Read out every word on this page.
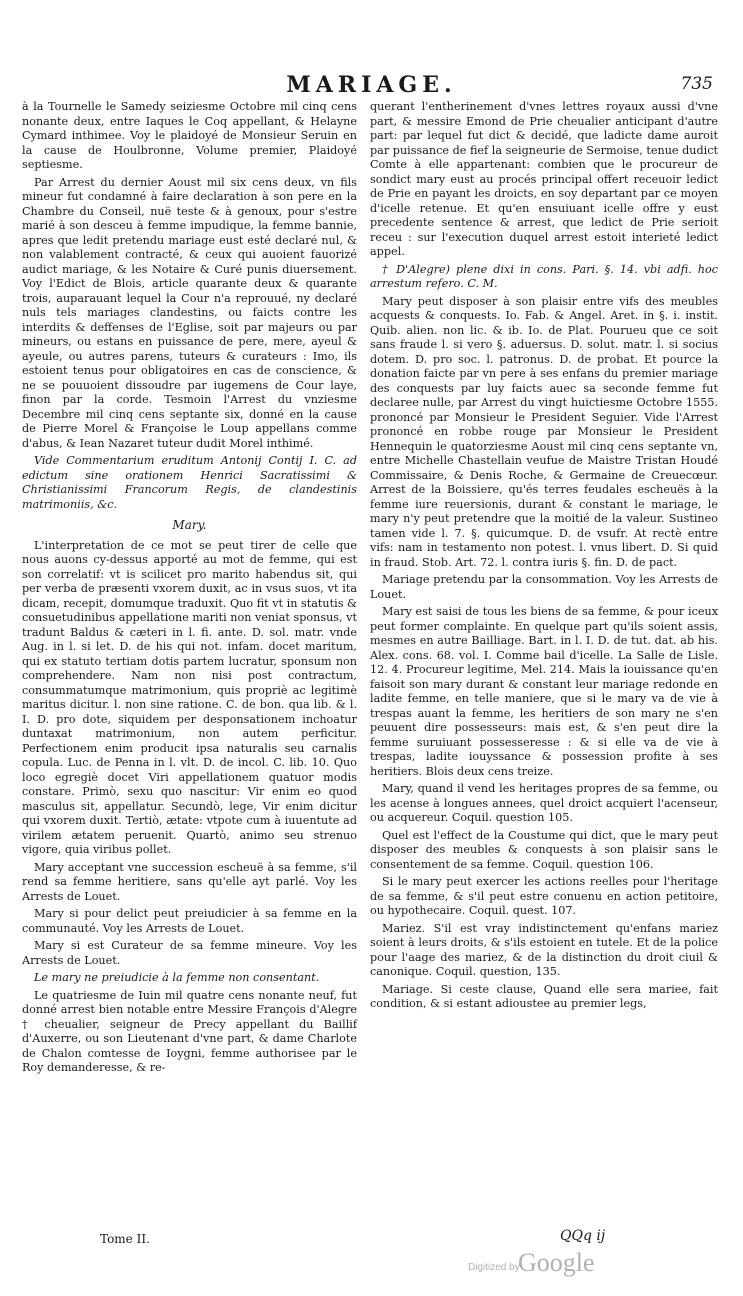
MARIAGE.	735

à la Tournelle le Samedy seiziesme Octobre mil cinq cens nonante deux, entre Iaques le Coq appellant, & Helayne Cymard inthimee. Voy le plaidoyé de Monsieur Seruin en la cause de Houlbronne, Volume premier, Plaidoyé septiesme.

Par Arrest du dernier Aoust mil six cens deux, vn fils mineur fut condamné à faire declaration à son pere en la Chambre du Conseil, nuë teste & à genoux, pour s'estre marié à son desceu à femme impudique, la femme bannie, apres que ledit pretendu mariage eust esté declaré nul, & non valablement contracté, & ceux qui auoient fauorizé audict mariage, & les Notaire & Curé punis diuersement. Voy l'Edict de Blois, article quarante deux & quarante trois, auparauant lequel la Cour n'a reprouué, ny declaré nuls tels mariages clandestins, ou faicts contre les interdits & deffenses de l'Eglise, soit par majeurs ou par mineurs, ou estans en puissance de pere, mere, ayeul & ayeule, ou autres parens, tuteurs & curateurs : Imo, ils estoient tenus pour obligatoires en cas de conscience, & ne se pouuoient dissoudre par iugemens de Cour laye, finon par la corde. Tesmoin l'Arrest du vnziesme Decembre mil cinq cens septante six, donné en la cause de Pierre Morel & Françoise le Loup appellans comme d'abus, & Iean Nazaret tuteur dudit Morel inthimé.

Vide Commentarium eruditum Antonij Contij I. C. ad edictum sine orationem Henrici Sacratissimi & Christianissimi Francorum Regis, de clandestinis matrimoniis, &c.

Mary.

L'interpretation de ce mot se peut tirer de celle que nous auons cy-dessus apporté au mot de femme, qui est son correlatif: vt is scilicet pro marito habendus sit, qui per verba de præsenti vxorem duxit, ac in vsus suos, vt ita dicam, recepit, domumque traduxit. Quo fit vt in statutis & consuetudinibus appellatione mariti non veniat sponsus, vt tradunt Baldus & cæteri in l. fi. ante. D. sol. matr. vnde Aug. in l. si let. D. de his qui not. infam. docet maritum, qui ex statuto tertiam dotis partem lucratur, sponsum non comprehendere. Nam non nisi post contractum, consummatumque matrimonium, quis propriè ac legitimè maritus dicitur. l. non sine ratione. C. de bon. qua lib. & l. I. D. pro dote, siquidem per desponsationem inchoatur duntaxat matrimonium, non autem perficitur. Perfectionem enim producit ipsa naturalis seu carnalis copula. Luc. de Penna in l. vlt. D. de incol. C. lib. 10. Quo loco egregiè docet Viri appellationem quatuor modis constare. Primò, sexu quo nascitur: Vir enim eo quod masculus sit, appellatur. Secundò, lege, Vir enim dicitur qui vxorem duxit. Tertiò, ætate: vtpote cum à iuuentute ad virilem ætatem peruenit. Quartò, animo seu strenuo vigore, quia viribus pollet.

Mary acceptant vne succession escheuë à sa femme, s'il rend sa femme heritiere, sans qu'elle ayt parlé. Voy les Arrests de Louet.

Mary si pour delict peut preiudicier à sa femme en la communauté. Voy les Arrests de Louet.

Mary si est Curateur de sa femme mineure. Voy les Arrests de Louet.

Le mary ne preiudicie à la femme non consentant.

Le quatriesme de Iuin mil quatre cens nonante neuf, fut donné arrest bien notable entre Messire François d'Alegre † cheualier, seigneur de Precy appellant du Baillif d'Auxerre, ou son Lieutenant d'vne part, & dame Charlote de Chalon comtesse de Ioygni, femme authorisee par le Roy demanderesse, & re-

querant l'entherinement d'vnes lettres royaux aussi d'vne part, & messire Emond de Prie cheualier anticipant d'autre part: par lequel fut dict & decidé, que ladicte dame auroit par puissance de fief la seigneurie de Sermoise, tenue dudict Comte à elle appartenant: combien que le procureur de sondict mary eust au procés principal offert receuoir ledict de Prie en payant les droicts, en soy departant par ce moyen d'icelle retenue. Et qu'en ensuiuant icelle offre y eust precedente sentence & arrest, que ledict de Prie serioit receu : sur l'execution duquel arrest estoit interieté ledict appel.

† D'Alegre) plene dixi in cons. Pari. §. 14. vbi adfi. hoc arrestum refero. C. M.

Mary peut disposer à son plaisir entre vifs des meubles acquests & conquests. Io. Fab. & Angel. Aret. in §. i. instit. Quib. alien. non lic. & ib. Io. de Plat. Pourueu que ce soit sans fraude l. si vero §. aduersus. D. solut. matr. l. si socius dotem. D. pro soc. l. patronus. D. de probat. Et pource la donation faicte par vn pere à ses enfans du premier mariage des conquests par luy faicts auec sa seconde femme fut declaree nulle, par Arrest du vingt huictiesme Octobre 1555. prononcé par Monsieur le President Seguier. Vide l'Arrest prononcé en robbe rouge par Monsieur le President Hennequin le quatorziesme Aoust mil cinq cens septante vn, entre Michelle Chastellain veufue de Maistre Tristan Houdé Commissaire, & Denis Roche, & Germaine de Creuecœur. Arrest de la Boissiere, qu'és terres feudales escheuës à la femme iure reuersionis, durant & constant le mariage, le mary n'y peut pretendre que la moitié de la valeur. Sustineo tamen vide l. 7. §. quicumque. D. de vsufr. At rectè entre vifs: nam in testamento non potest. l. vnus libert. D. Si quid in fraud. Stob. Art. 72. l. contra iuris §. fin. D. de pact.

Mariage pretendu par la consommation. Voy les Arrests de Louet.

Mary est saisi de tous les biens de sa femme, & pour iceux peut former complainte. En quelque part qu'ils soient assis, mesmes en autre Bailliage. Bart. in l. I. D. de tut. dat. ab his. Alex. cons. 68. vol. I. Comme bail d'icelle. La Salle de Lisle. 12. 4. Procureur legitime, Mel. 214. Mais la iouissance qu'en faisoit son mary durant & constant leur mariage redonde en ladite femme, en telle maniere, que si le mary va de vie à trespas auant la femme, les heritiers de son mary ne s'en peuuent dire possesseurs: mais est, & s'en peut dire la femme suruiuant possesseresse : & si elle va de vie à trespas, ladite iouyssance & possession profite à ses heritiers. Blois deux cens treize.

Mary, quand il vend les heritages propres de sa femme, ou les acense à longues annees, quel droict acquiert l'acenseur, ou acquereur. Coquil. question 105.

Quel est l'effect de la Coustume qui dict, que le mary peut disposer des meubles & conquests à son plaisir sans le consentement de sa femme. Coquil. question 106.

Si le mary peut exercer les actions reelles pour l'heritage de sa femme, & s'il peut estre conuenu en action petitoire, ou hypothecaire. Coquil. quest. 107.

Mariez. S'il est vray indistinctement qu'enfans mariez soient à leurs droits, & s'ils estoient en tutele. Et de la police pour l'aage des mariez, & de la distinction du droit ciuil & canonique. Coquil. question, 135.

Mariage. Si ceste clause, Quand elle sera mariee, fait condition, & si estant adioustee au premier legs,

Tome II.	QQq ij
Digitized by
Google
